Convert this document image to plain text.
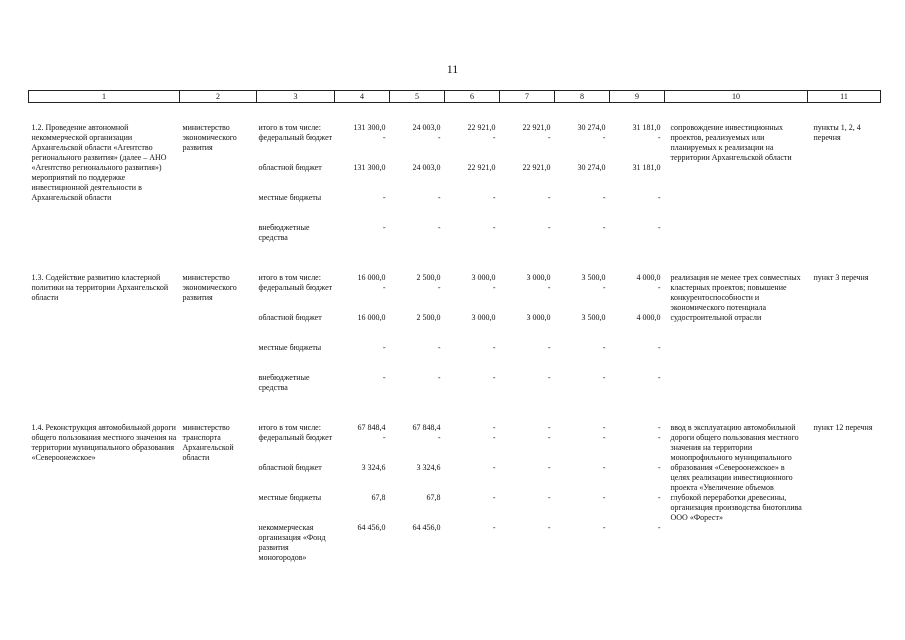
11
1	2	3	4	5	6	7	8	9	10	11
1.2. Проведение автономной некоммерческой организации Архангельской области «Агентство регионального развития» (далее – АНО «Агентство регионального развития») мероприятий по поддержке инвестиционной деятельности в Архангельской области	министерство экономического развития	итого в том числе:	131 300,0	24 003,0	22 921,0	22 921,0	30 274,0	31 181,0	сопровождение инвестиционных проектов, реализуемых или планируемых к реализации на территории Архангельской области	пункты 1, 2, 4 перечня
		федеральный бюджет	-	-	-	-	-	-		
		областной бюджет	131 300,0	24 003,0	22 921,0	22 921,0	30 274,0	31 181,0		
		местные бюджеты	-	-	-	-	-	-		
		внебюджетные средства	-	-	-	-	-	-		
1.3. Содействие развитию кластерной политики на территории Архангельской области	министерство экономического развития	итого в том числе:	16 000,0	2 500,0	3 000,0	3 000,0	3 500,0	4 000,0	реализация не менее трех совместных кластерных проектов; повышение конкурентоспособности и экономического потенциала судостроительной отрасли	пункт 3 перечня
		федеральный бюджет	-	-	-	-	-	-		
		областной бюджет	16 000,0	2 500,0	3 000,0	3 000,0	3 500,0	4 000,0		
		местные бюджеты	-	-	-	-	-	-		
		внебюджетные средства	-	-	-	-	-	-		
1.4. Реконструкция автомобильной дороги общего пользования местного значения на территории муниципального образования «Североонежское»	министерство транспорта Архангельской области	итого в том числе:	67 848,4	67 848,4	-	-	-	-	ввод в эксплуатацию автомобильной дороги общего пользования местного значения на территории монопрофильного муниципального образования «Североонежское» в целях реализации инвестиционного проекта «Увеличение объемов глубокой переработки древесины, организация производства биотоплива ООО «Форест»	пункт 12 перечня
		федеральный бюджет	-	-	-	-	-	-		
		областной бюджет	3 324,6	3 324,6	-	-	-	-		
		местные бюджеты	67,8	67,8	-	-	-	-		
		некоммерческая организация «Фонд развития моногородов»	64 456,0	64 456,0	-	-	-	-		
